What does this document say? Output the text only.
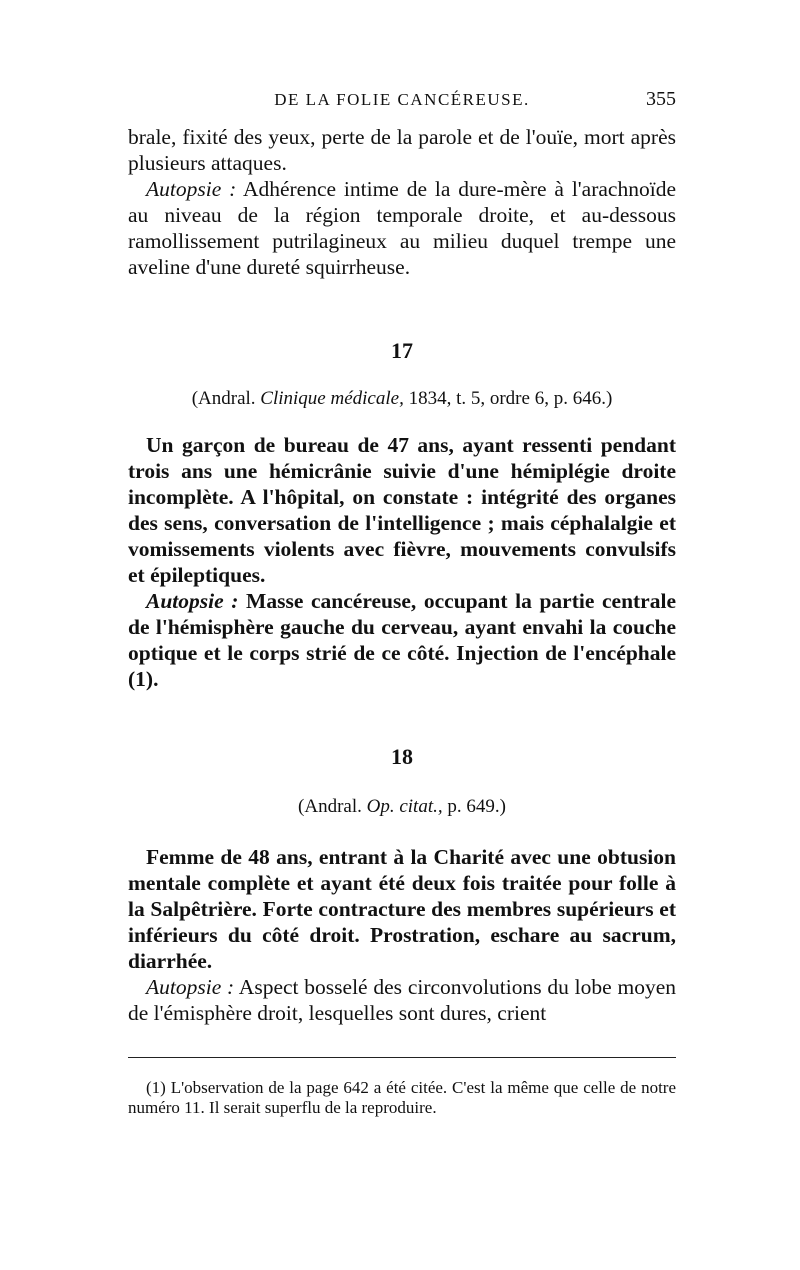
DE LA FOLIE CANCÉREUSE.	355

brale, fixité des yeux, perte de la parole et de l'ouïe, mort après plusieurs attaques.

Autopsie : Adhérence intime de la dure-mère à l'arachnoïde au niveau de la région temporale droite, et au-dessous ramollissement putrilagineux au milieu duquel trempe une aveline d'une dureté squirrheuse.

17
(Andral. Clinique médicale, 1834, t. 5, ordre 6, p. 646.)

Un garçon de bureau de 47 ans, ayant ressenti pendant trois ans une hémicrânie suivie d'une hémiplégie droite incomplète. A l'hôpital, on constate : intégrité des organes des sens, conversation de l'intelligence ; mais céphalalgie et vomissements violents avec fièvre, mouvements convulsifs et épileptiques.

Autopsie : Masse cancéreuse, occupant la partie centrale de l'hémisphère gauche du cerveau, ayant envahi la couche optique et le corps strié de ce côté. Injection de l'encéphale (1).

18
(Andral. Op. citat., p. 649.)

Femme de 48 ans, entrant à la Charité avec une obtusion mentale complète et ayant été deux fois traitée pour folle à la Salpêtrière. Forte contracture des membres supérieurs et inférieurs du côté droit. Prostration, eschare au sacrum, diarrhée.

Autopsie : Aspect bosselé des circonvolutions du lobe moyen de l'émisphère droit, lesquelles sont dures, crient

(1) L'observation de la page 642 a été citée. C'est la même que celle de notre numéro 11. Il serait superflu de la reproduire.
